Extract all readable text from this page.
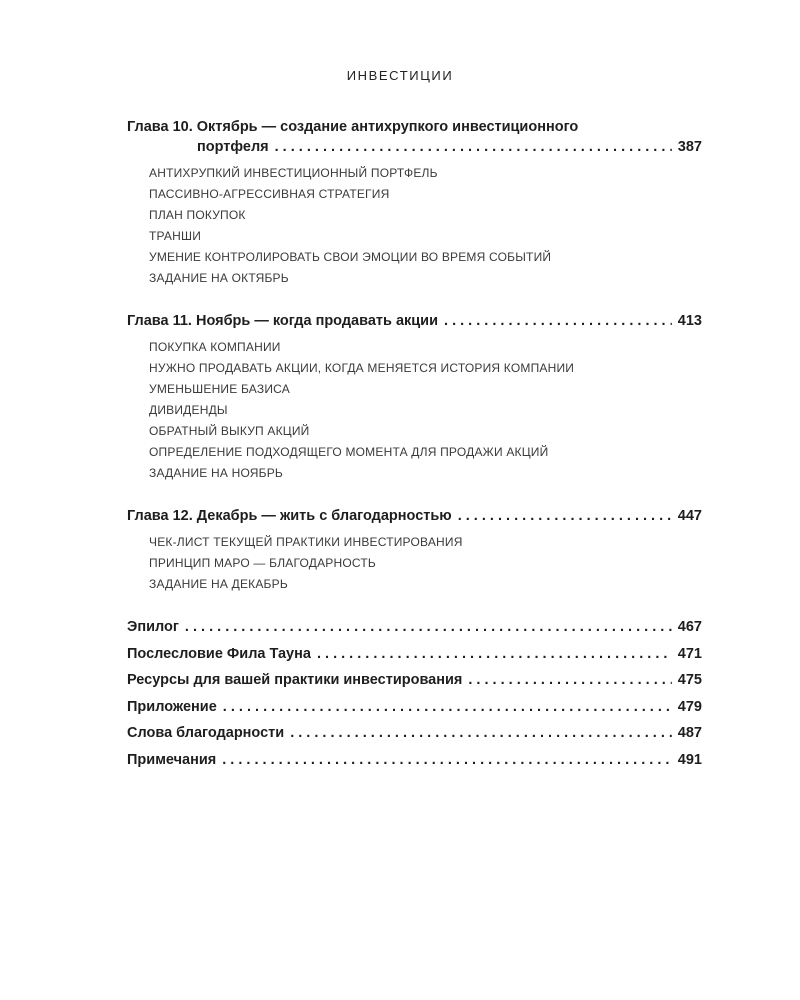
ИНВЕСТИЦИИ
Глава 10. Октябрь — создание антихрупкого инвестиционного
портфеля . . .	387
АНТИХРУПКИЙ ИНВЕСТИЦИОННЫЙ ПОРТФЕЛЬ
ПАССИВНО-АГРЕССИВНАЯ СТРАТЕГИЯ
ПЛАН ПОКУПОК
ТРАНШИ
УМЕНИЕ КОНТРОЛИРОВАТЬ СВОИ ЭМОЦИИ ВО ВРЕМЯ СОБЫТИЙ
ЗАДАНИЕ НА ОКТЯБРЬ
Глава 11. Ноябрь — когда продавать акции . . .	413
ПОКУПКА КОМПАНИИ
НУЖНО ПРОДАВАТЬ АКЦИИ, КОГДА МЕНЯЕТСЯ ИСТОРИЯ КОМПАНИИ
УМЕНЬШЕНИЕ БАЗИСА
ДИВИДЕНДЫ
ОБРАТНЫЙ ВЫКУП АКЦИЙ
ОПРЕДЕЛЕНИЕ ПОДХОДЯЩЕГО МОМЕНТА ДЛЯ ПРОДАЖИ АКЦИЙ
ЗАДАНИЕ НА НОЯБРЬ
Глава 12. Декабрь — жить с благодарностью . . .	447
ЧЕК-ЛИСТ ТЕКУЩЕЙ ПРАКТИКИ ИНВЕСТИРОВАНИЯ
ПРИНЦИП МАРО — БЛАГОДАРНОСТЬ
ЗАДАНИЕ НА ДЕКАБРЬ
Эпилог . . .	467
Послесловие Фила Тауна . . .	471
Ресурсы для вашей практики инвестирования . . .	475
Приложение . . .	479
Слова благодарности . . .	487
Примечания . . .	491
